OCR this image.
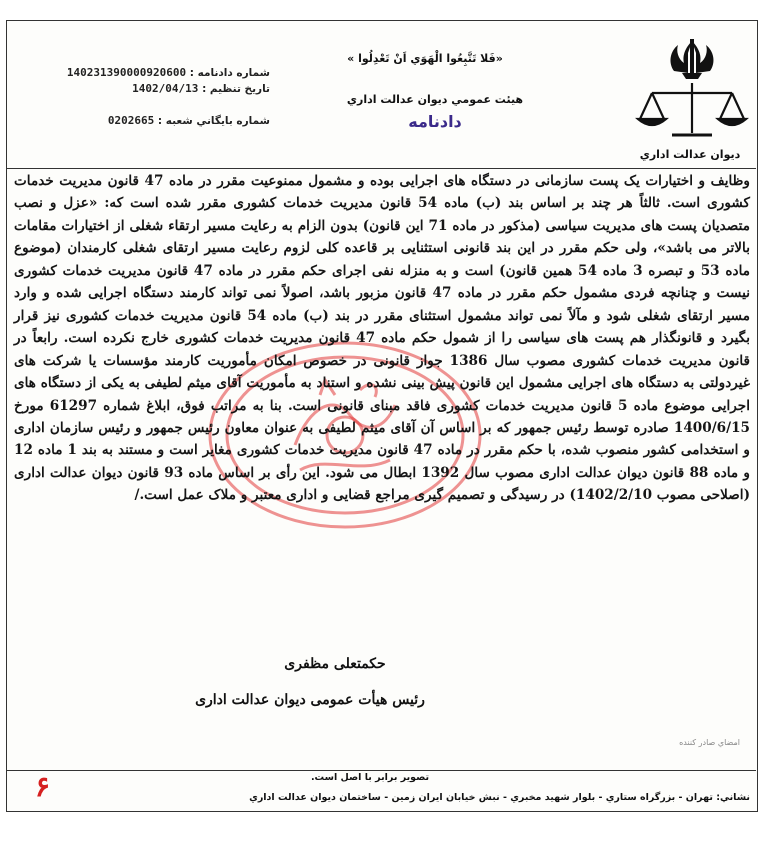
شماره دادنامه : 140231390000920600
تاريخ تنظيم : 1402/04/13
شماره بايگاني شعبه : 0202665
«فَلا تَتَّبِعُوا الْهَوَي اَنْ تَعْدِلُوا »
هيئت عمومي ديوان عدالت اداري
دادنامه
ديوان عدالت اداري
وظایف و اختیارات یک پست سازمانی در دستگاه های اجرایی بوده و مشمول ممنوعیت مقرر در ماده 47 قانون مدیریت خدمات کشوری است. ثالثاً هر چند بر اساس بند (ب) ماده 54 قانون مدیریت خدمات کشوری مقرر شده است که: «عزل و نصب متصدیان پست های مدیریت سیاسی (مذکور در ماده 71 این قانون) بدون الزام به رعایت مسیر ارتقاء شغلی از اختیارات مقامات بالاتر می باشد»، ولی حکم مقرر در این بند قانونی استثنایی بر قاعده کلی لزوم رعایت مسیر ارتقای شغلی کارمندان (موضوع ماده 53 و تبصره 3 ماده 54 همین قانون) است و به منزله نفی اجرای حکم مقرر در ماده 47 قانون مدیریت خدمات کشوری نیست و چنانچه فردی مشمول حکم مقرر در ماده 47 قانون مزبور باشد، اصولاً نمی تواند کارمند دستگاه اجرایی شده و وارد مسیر ارتقای شغلی شود و مآلاً نمی تواند مشمول استثنای مقرر در بند (ب) ماده 54 قانون مدیریت خدمات کشوری نیز قرار بگیرد و قانونگذار هم پست های سیاسی را از شمول حکم ماده 47 قانون مدیریت خدمات کشوری خارج نکرده است. رابعاً در قانون مدیریت خدمات کشوری مصوب سال 1386 جواز قانونی در خصوص امکان مأموریت کارمند مؤسسات یا شرکت های غیردولتی به دستگاه های اجرایی مشمول این قانون پیش بینی نشده و استناد به مأموریت آقای میثم لطیفی به یکی از دستگاه های اجرایی موضوع ماده 5 قانون مدیریت خدمات کشوری فاقد مبنای قانونی است. بنا به مراتب فوق، ابلاغ شماره 61297 مورخ 1400/6/15 صادره توسط رئیس جمهور که بر اساس آن آقای میثم لطیفی به عنوان معاون رئیس جمهور و رئیس سازمان اداری و استخدامی کشور منصوب شده، با حکم مقرر در ماده 47 قانون مدیریت خدمات کشوری مغایر است و مستند به بند 1 ماده 12 و ماده 88 قانون دیوان عدالت اداری مصوب سال 1392 ابطال می شود. این رأی بر اساس ماده 93 قانون دیوان عدالت اداری (اصلاحی مصوب 1402/2/10) در رسیدگی و تصمیم گیری مراجع قضایی و اداری معتبر و ملاک عمل است./
حکمتعلی مظفری
رئیس هیأت عمومی دیوان عدالت اداری
امضاي صادر كننده
تصوير برابر با اصل است.
نشاني: تهران - بزرگراه ستاري - بلوار شهيد مخبري - نبش خيابان ايران زمين - ساختمان ديوان عدالت اداري
۶
